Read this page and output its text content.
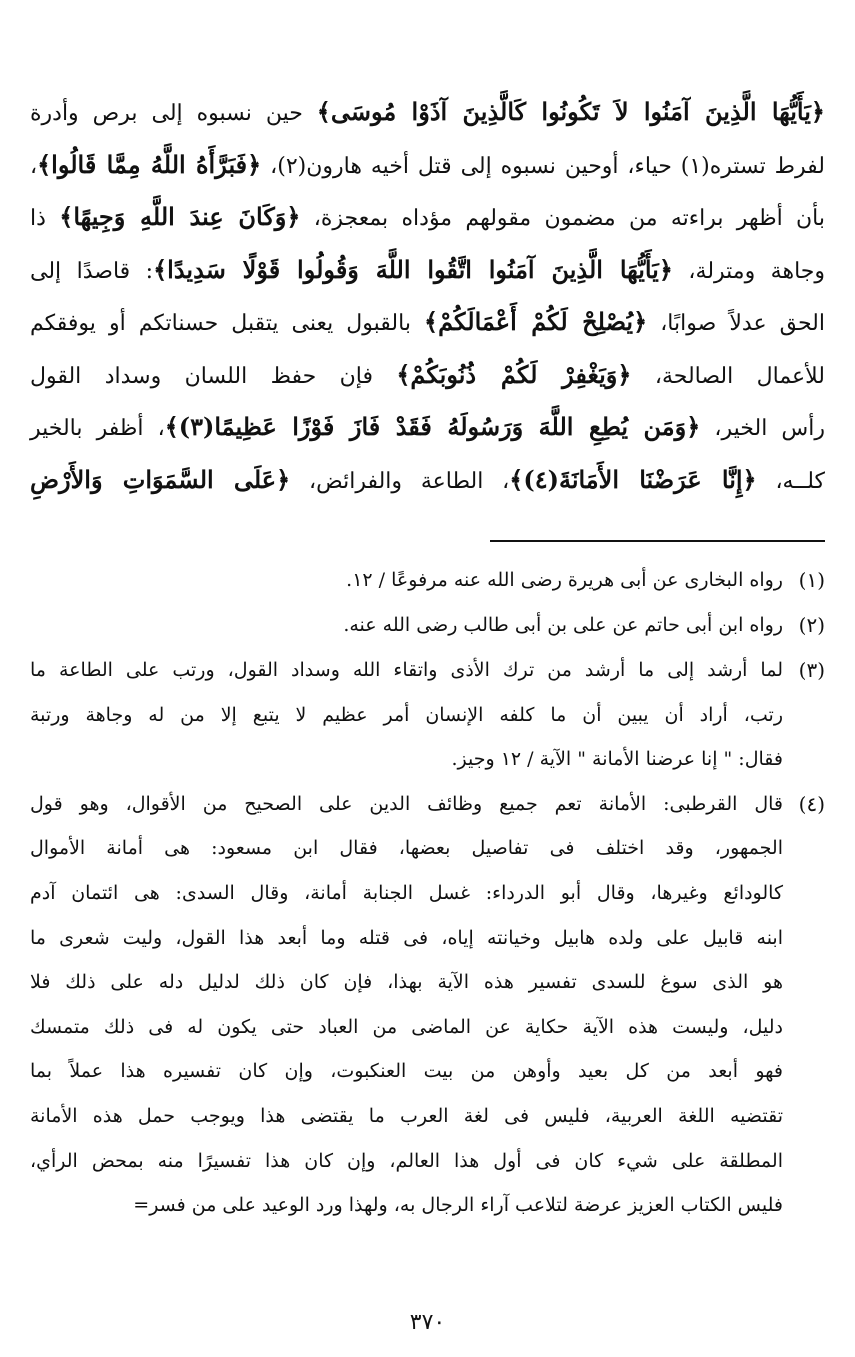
﴿يَأَيُّهَا الَّذِينَ آمَنُوا لاَ تَكُونُوا كَالَّذِينَ آذَوْا مُوسَى﴾ حين نسبوه إلى برص وأدرة
لفرط تستره(١) حياء، أوحين نسبوه إلى قتل أخيه هارون(٢)، ﴿فَبَرَّأَهُ اللَّهُ مِمَّا قَالُوا﴾،
بأن أظهر براءته من مضمون مقولهم مؤداه بمعجزة، ﴿وَكَانَ عِندَ اللَّهِ وَجِيهًا﴾ ذا
وجاهة ومترلة، ﴿يَأَيُّهَا الَّذِينَ آمَنُوا اتَّقُوا اللَّهَ وَقُولُوا قَوْلًا سَدِيدًا﴾: قاصدًا إلى
الحق عدلاً صوابًا، ﴿يُصْلِحْ لَكُمْ أَعْمَالَكُمْ﴾ بالقبول يعنى يتقبل حسناتكم أو يوفقكم
للأعمال الصالحة، ﴿وَيَغْفِرْ لَكُمْ ذُنُوبَكُمْ﴾ فإن حفظ اللسان وسداد القول
رأس الخير، ﴿وَمَن يُطِعِ اللَّهَ وَرَسُولَهُ فَقَدْ فَازَ فَوْزًا عَظِيمًا(٣)﴾، أظفر بالخير
كلــه، ﴿إِنَّا عَرَضْنَا الأَمَانَةَ(٤)﴾، الطاعة والفرائض، ﴿عَلَى السَّمَوَاتِ وَالأَرْضِ
(١)
رواه البخارى عن أبى هريرة رضى الله عنه مرفوعًا / ١٢.
(٢)
رواه ابن أبى حاتم عن على بن أبى طالب رضى الله عنه.
(٣)
لما أرشد إلى ما أرشد من ترك الأذى واتقاء الله وسداد القول، ورتب على الطاعة ما
رتب، أراد أن يبين أن ما كلفه الإنسان أمر عظيم لا يتبع إلا من له وجاهة ورتبة
فقال: " إنا عرضنا الأمانة " الآية / ١٢ وجيز.
(٤)
قال القرطبى: الأمانة تعم جميع وظائف الدين على الصحيح من الأقوال، وهو قول
الجمهور، وقد اختلف فى تفاصيل بعضها، فقال ابن مسعود: هى أمانة الأموال
كالودائع وغيرها، وقال أبو الدرداء: غسل الجنابة أمانة، وقال السدى: هى ائتمان آدم
ابنه قابيل على ولده هابيل وخيانته إياه، فى قتله وما أبعد هذا القول، وليت شعرى ما
هو الذى سوغ للسدى تفسير هذه الآية بهذا، فإن كان ذلك لدليل دله على ذلك فلا
دليل، وليست هذه الآية حكاية عن الماضى من العباد حتى يكون له فى ذلك متمسك
فهو أبعد من كل بعيد وأوهن من بيت العنكبوت، وإن كان تفسيره هذا عملاً بما
تقتضيه اللغة العربية، فليس فى لغة العرب ما يقتضى هذا ويوجب حمل هذه الأمانة
المطلقة على شيء كان فى أول هذا العالم، وإن كان هذا تفسيرًا منه بمحض الرأي،
فليس الكتاب العزيز عرضة لتلاعب آراء الرجال به، ولهذا ورد الوعيد على من فسر=
٣٧٠
